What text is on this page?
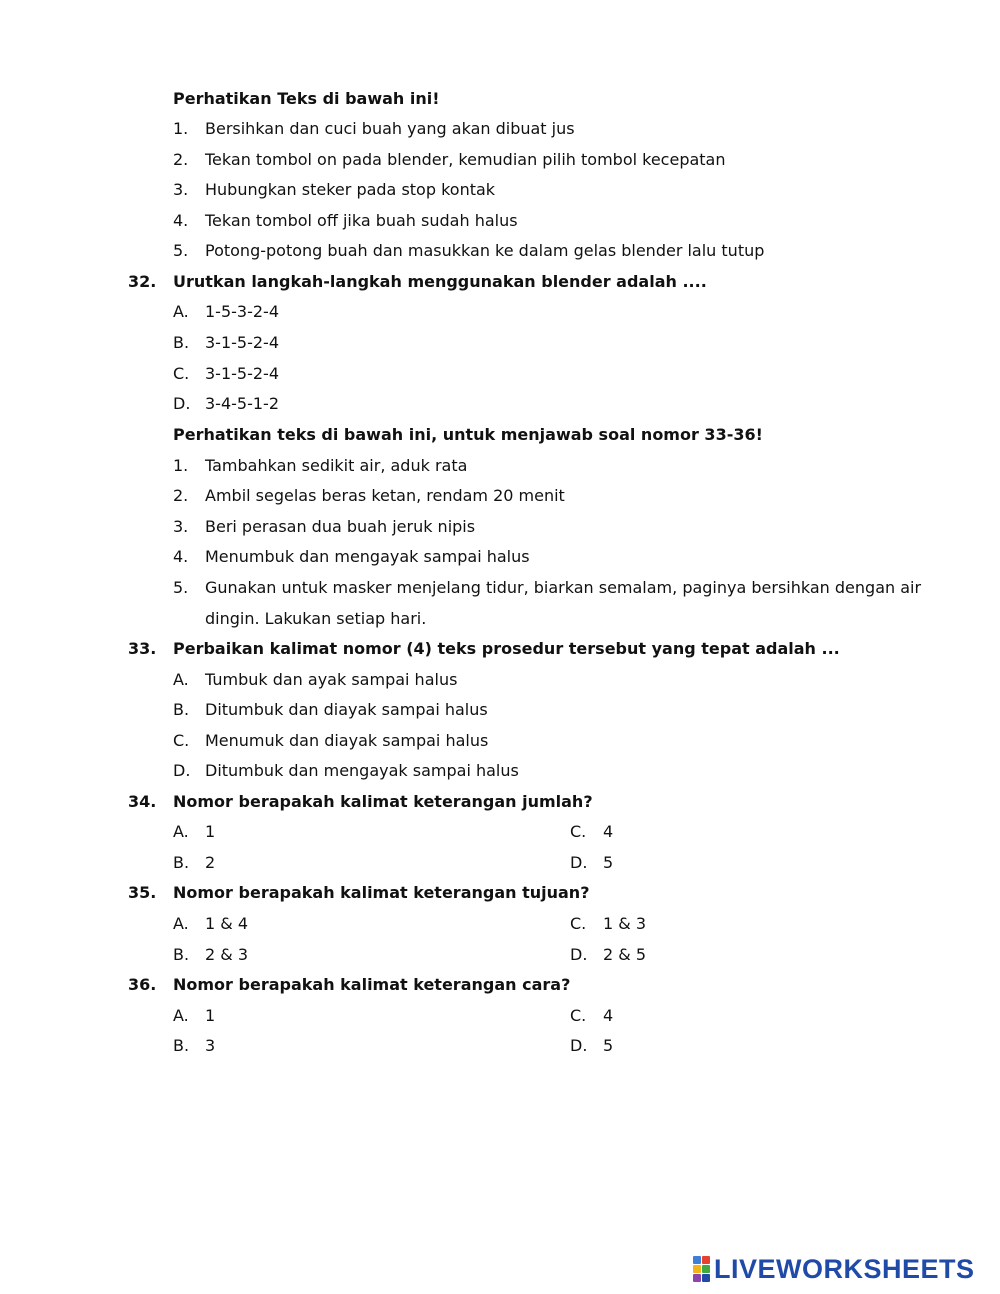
Perhatikan Teks di bawah ini!
1. Bersihkan dan cuci buah yang akan dibuat jus
2. Tekan tombol on pada blender, kemudian pilih tombol kecepatan
3. Hubungkan steker pada stop kontak
4. Tekan tombol off jika buah sudah halus
5. Potong-potong buah dan masukkan ke dalam gelas blender lalu tutup
32. Urutkan langkah-langkah menggunakan blender adalah ....
A. 1-5-3-2-4
B. 3-1-5-2-4
C. 3-1-5-2-4
D. 3-4-5-1-2
Perhatikan teks di bawah ini, untuk menjawab soal nomor 33-36!
1. Tambahkan sedikit air, aduk rata
2. Ambil segelas beras ketan, rendam 20 menit
3. Beri perasan dua buah jeruk nipis
4. Menumbuk dan mengayak sampai halus
5. Gunakan untuk masker menjelang tidur, biarkan semalam, paginya bersihkan dengan air
dingin. Lakukan setiap hari.
33. Perbaikan kalimat nomor (4) teks prosedur tersebut yang tepat adalah ...
A. Tumbuk dan ayak sampai halus
B. Ditumbuk dan diayak sampai halus
C. Menumuk dan diayak sampai halus
D. Ditumbuk dan mengayak sampai halus
34. Nomor berapakah kalimat keterangan jumlah?
A. 1	C. 4
B. 2	D. 5
35. Nomor berapakah kalimat keterangan tujuan?
A. 1 & 4	C. 1 & 3
B. 2 & 3	D. 2 & 5
36. Nomor berapakah kalimat keterangan cara?
A. 1	C. 4
B. 3	D. 5
LIVEWORKSHEETS
